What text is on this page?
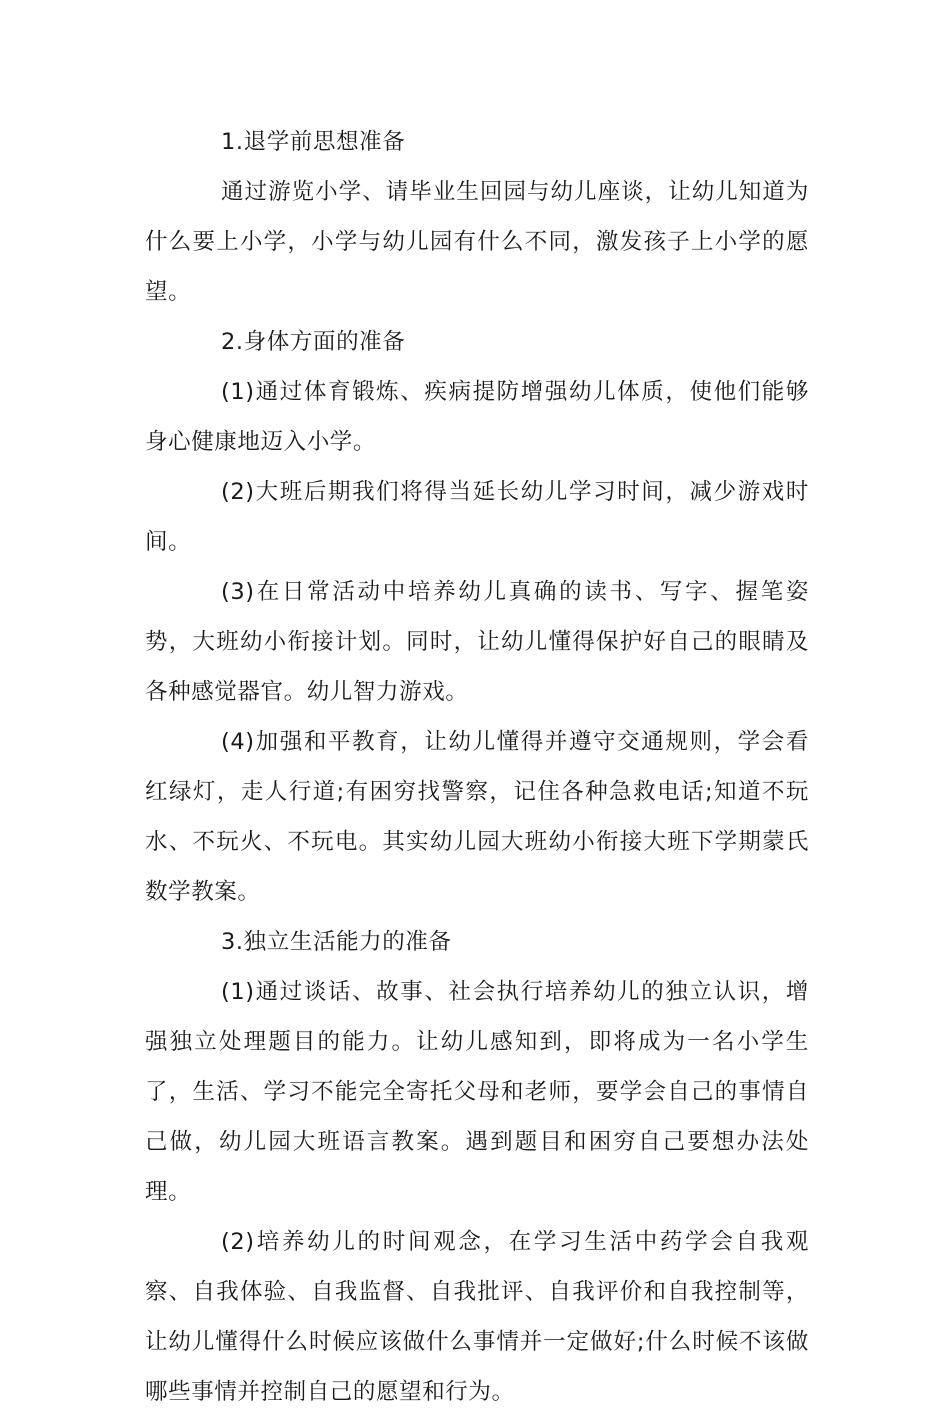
1.退学前思想准备

通过游览小学、请毕业生回园与幼儿座谈，让幼儿知道为什么要上小学，小学与幼儿园有什么不同，激发孩子上小学的愿望。

2.身体方面的准备

(1)通过体育锻炼、疾病提防增强幼儿体质，使他们能够身心健康地迈入小学。

(2)大班后期我们将得当延长幼儿学习时间，减少游戏时间。

(3)在日常活动中培养幼儿真确的读书、写字、握笔姿势，大班幼小衔接计划。同时，让幼儿懂得保护好自己的眼睛及各种感觉器官。幼儿智力游戏。

(4)加强和平教育，让幼儿懂得并遵守交通规则，学会看红绿灯，走人行道;有困穷找警察，记住各种急救电话;知道不玩水、不玩火、不玩电。其实幼儿园大班幼小衔接大班下学期蒙氏数学教案。

3.独立生活能力的准备

(1)通过谈话、故事、社会执行培养幼儿的独立认识，增强独立处理题目的能力。让幼儿感知到，即将成为一名小学生了，生活、学习不能完全寄托父母和老师，要学会自己的事情自己做，幼儿园大班语言教案。遇到题目和困穷自己要想办法处理。

(2)培养幼儿的时间观念，在学习生活中药学会自我观察、自我体验、自我监督、自我批评、自我评价和自我控制等，让幼儿懂得什么时候应该做什么事情并一定做好;什么时候不该做哪些事情并控制自己的愿望和行为。
